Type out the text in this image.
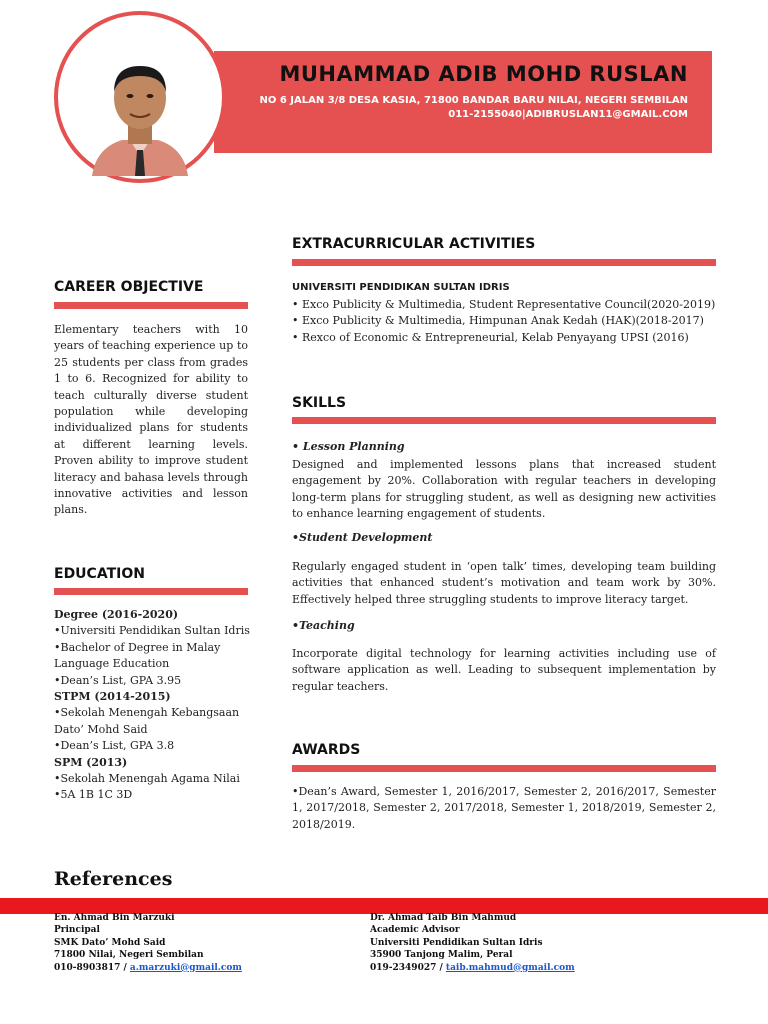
MUHAMMAD ADIB MOHD RUSLAN
NO 6 JALAN 3/8 DESA KASIA, 71800 BANDAR BARU NILAI, NEGERI SEMBILAN
011-2155040|ADIBRUSLAN11@GMAIL.COM
CAREER OBJECTIVE
Elementary teachers with 10 years of teaching experience up to 25 students per class from grades 1 to 6. Recognized for ability to teach culturally diverse student population while developing individualized plans for students at different learning levels. Proven ability to improve student literacy and bahasa levels through innovative activities and lesson plans.
EDUCATION

Degree (2016-2020)

•Universiti Pendidikan Sultan Idris

•Bachelor of Degree in Malay Language Education

•Dean’s List, GPA 3.95

STPM (2014-2015)

•Sekolah Menengah Kebangsaan Dato’ Mohd Said

•Dean’s List, GPA 3.8

SPM (2013)

•Sekolah Menengah Agama Nilai

•5A 1B 1C 3D

EXTRACURRICULAR ACTIVITIES
UNIVERSITI PENDIDIKAN SULTAN IDRIS
• Exco Publicity & Multimedia, Student Representative Council(2020-2019)
• Exco Publicity & Multimedia, Himpunan Anak Kedah (HAK)(2018-2017)
• Rexco of Economic & Entrepreneurial, Kelab Penyayang UPSI (2016)
SKILLS
• Lesson Planning
Designed and implemented lessons plans that increased student engagement by 20%. Collaboration with regular teachers in developing long-term plans for struggling student, as well as designing new activities to enhance learning engagement of students.
•Student Development
Regularly engaged student in ‘open talk’ times, developing team building activities that enhanced student’s motivation and team work by 30%. Effectively helped three struggling students to improve literacy target.
•Teaching
Incorporate digital technology for learning activities including use of software application as well. Leading to subsequent implementation by regular teachers.
AWARDS
•Dean’s Award, Semester 1, 2016/2017, Semester 2, 2016/2017, Semester 1, 2017/2018, Semester 2, 2017/2018, Semester 1, 2018/2019, Semester 2, 2018/2019.
References
En. Ahmad Bin Marzuki
Principal
SMK Dato’ Mohd Said
71800 Nilai, Negeri Sembilan
010-8903817 / a.marzuki@gmail.com
Dr. Ahmad Taib Bin Mahmud
Academic Advisor
Universiti Pendidikan Sultan Idris
35900 Tanjong Malim, Peral
019-2349027 / taib.mahmud@gmail.com
